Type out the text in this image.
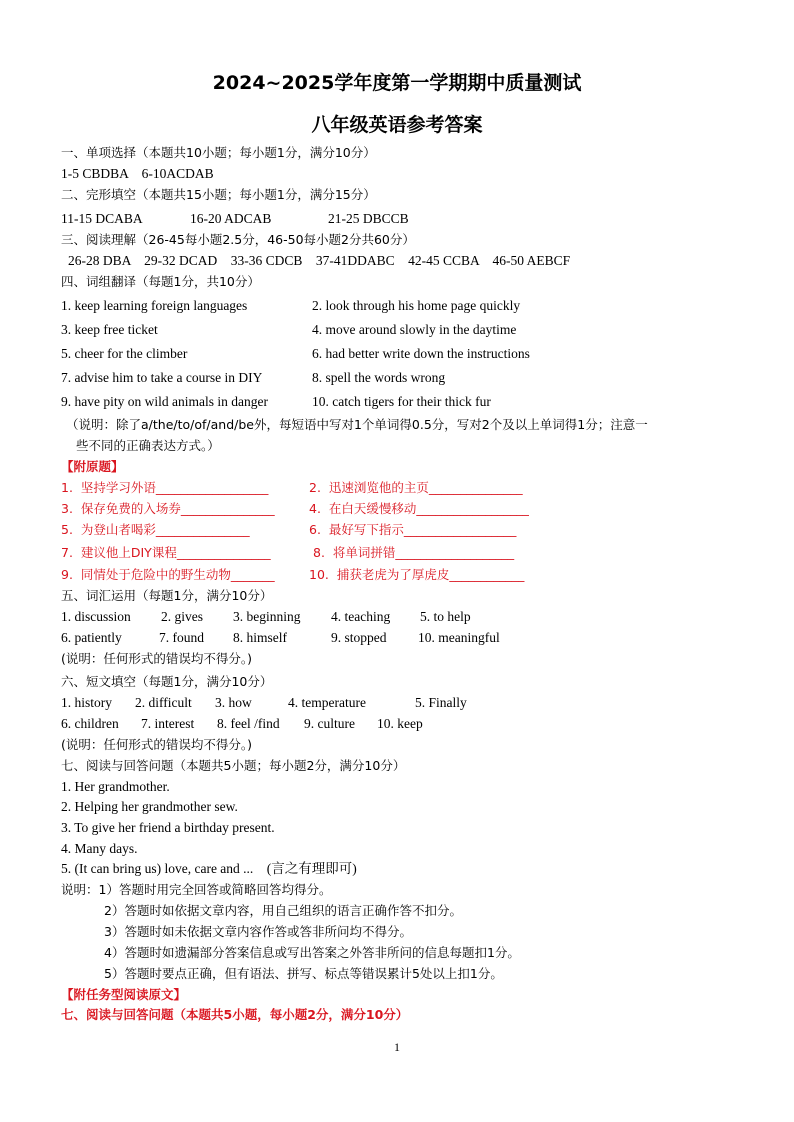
2024~2025学年度第一学期期中质量测试
八年级英语参考答案
一、单项选择（本题共10小题；每小题1分，满分10分）
1-5 CBDBA    6-10ACDAB
二、完形填空（本题共15小题；每小题1分，满分15分）
11-15 DCABA	16-20 ADCAB	21-25 DBCCB
三、阅读理解（26-45每小题2.5分，46-50每小题2分共60分）
26-28 DBA    29-32 DCAD    33-36 CDCB    37-41DDABC    42-45 CCBA    46-50 AEBCF
四、词组翻译（每题1分，共10分）
1. keep learning foreign languages	2. look through his home page quickly
3. keep free ticket	4. move around slowly in the daytime
5. cheer for the climber	6. had better write down the instructions
7. advise him to take a course in DIY	8. spell the words wrong
9. have pity on wild animals in danger	10. catch tigers for their thick fur
（说明：除了a/the/to/of/and/be外，每短语中写对1个单词得0.5分，写对2个及以上单词得1分；注意一
些不同的正确表达方式。）
【附原题】
1.  坚持学习外语__________________	2.  迅速浏览他的主页_______________
3.  保存免费的入场券_______________	4.  在白天缓慢移动__________________
5.  为登山者喝彩_______________	6.  最好写下指示__________________
7.  建议他上DIY课程_______________	8.  将单词拼错___________________
9.  同情处于危险中的野生动物_______	10.  捕获老虎为了厚虎皮____________
五、词汇运用（每题1分，满分10分）
1. discussion 2. gives 3. beginning 4. teaching 5. to help
6. patiently	7. found 8. himself	9. stopped 10. meaningful
(说明：任何形式的错误均不得分。)
六、短文填空（每题1分，满分10分）
1. history 2. difficult 3. how	4. temperature	5. Finally
6. children 7. interest 8. feel /find 9. culture 10. keep
(说明：任何形式的错误均不得分。)
七、阅读与回答问题（本题共5小题；每小题2分，满分10分）
1. Her grandmother.
2. Helping her grandmother sew.
3. To give her friend a birthday present.
4. Many days.
5. (It can bring us) love, care and ...    (言之有理即可)
说明：1）答题时用完全回答或简略回答均得分。
2）答题时如依据文章内容，用自己组织的语言正确作答不扣分。
3）答题时如未依据文章内容作答或答非所问均不得分。
4）答题时如遗漏部分答案信息或写出答案之外答非所问的信息每题扣1分。
5）答题时要点正确，但有语法、拼写、标点等错误累计5处以上扣1分。
【附任务型阅读原文】
七、阅读与回答问题（本题共5小题，每小题2分，满分10分）
1
